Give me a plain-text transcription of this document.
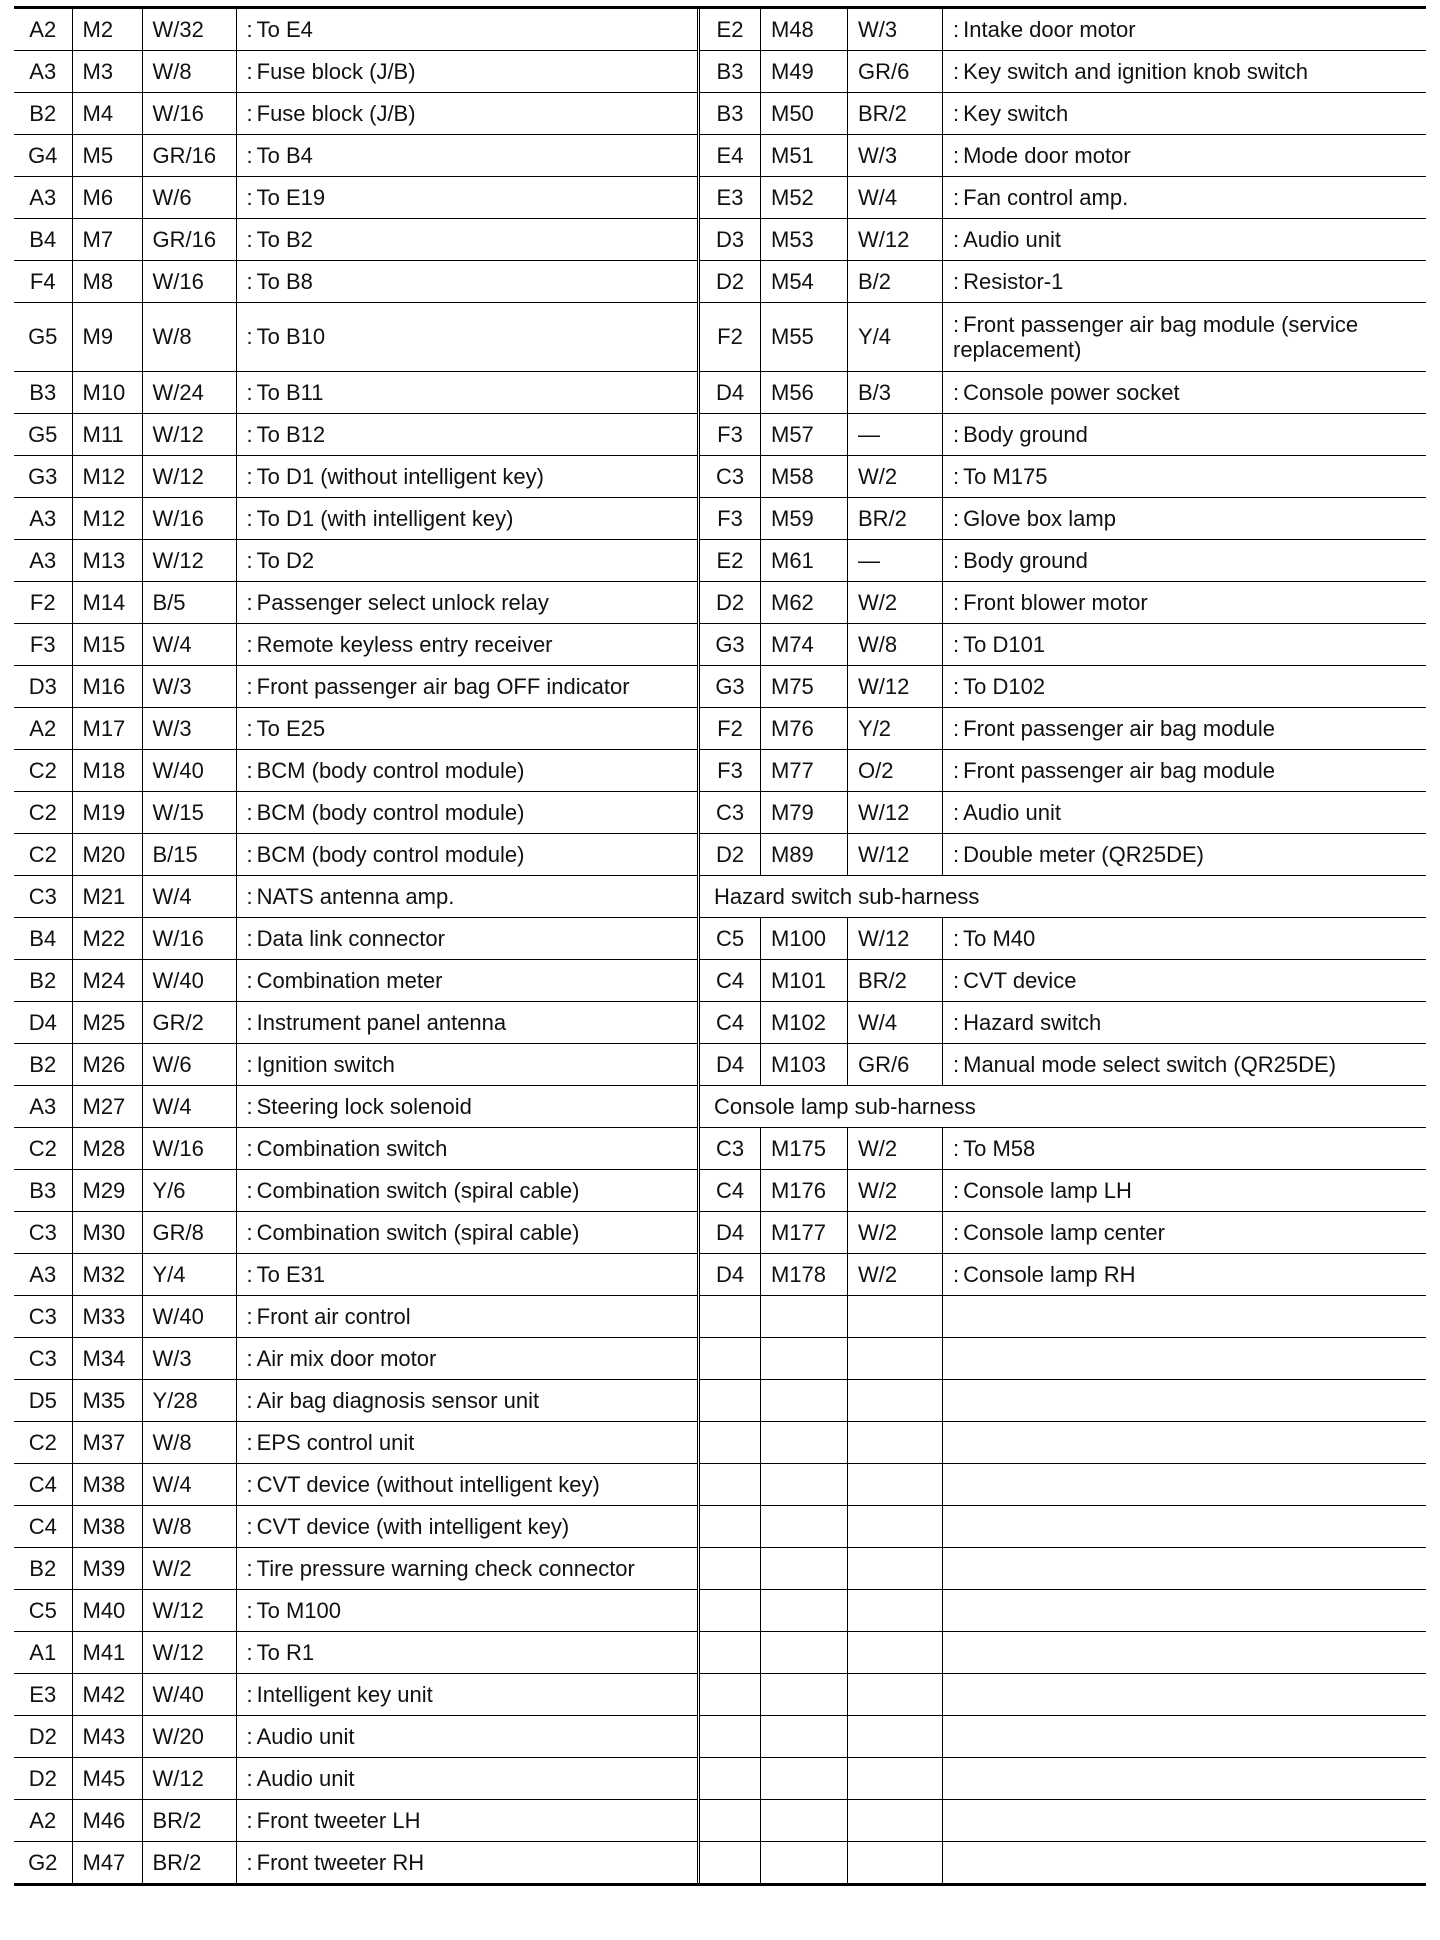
A2	M2	W/32	: To E4
A3	M3	W/8	: Fuse block (J/B)
B2	M4	W/16	: Fuse block (J/B)
G4	M5	GR/16	: To B4
A3	M6	W/6	: To E19
B4	M7	GR/16	: To B2
F4	M8	W/16	: To B8
G5	M9	W/8	: To B10
B3	M10	W/24	: To B11
G5	M11	W/12	: To B12
G3	M12	W/12	: To D1 (without intelligent key)
A3	M12	W/16	: To D1 (with intelligent key)
A3	M13	W/12	: To D2
F2	M14	B/5	: Passenger select unlock relay
F3	M15	W/4	: Remote keyless entry receiver
D3	M16	W/3	: Front passenger air bag OFF indicator
A2	M17	W/3	: To E25
C2	M18	W/40	: BCM (body control module)
C2	M19	W/15	: BCM (body control module)
C2	M20	B/15	: BCM (body control module)
C3	M21	W/4	: NATS antenna amp.
B4	M22	W/16	: Data link connector
B2	M24	W/40	: Combination meter
D4	M25	GR/2	: Instrument panel antenna
B2	M26	W/6	: Ignition switch
A3	M27	W/4	: Steering lock solenoid
C2	M28	W/16	: Combination switch
B3	M29	Y/6	: Combination switch (spiral cable)
C3	M30	GR/8	: Combination switch (spiral cable)
A3	M32	Y/4	: To E31
C3	M33	W/40	: Front air control
C3	M34	W/3	: Air mix door motor
D5	M35	Y/28	: Air bag diagnosis sensor unit
C2	M37	W/8	: EPS control unit
C4	M38	W/4	: CVT device (without intelligent key)
C4	M38	W/8	: CVT device (with intelligent key)
B2	M39	W/2	: Tire pressure warning check connector
C5	M40	W/12	: To M100
A1	M41	W/12	: To R1
E3	M42	W/40	: Intelligent key unit
D2	M43	W/20	: Audio unit
D2	M45	W/12	: Audio unit
A2	M46	BR/2	: Front tweeter LH
G2	M47	BR/2	: Front tweeter RH
E2	M48	W/3	: Intake door motor
B3	M49	GR/6	: Key switch and ignition knob switch
B3	M50	BR/2	: Key switch
E4	M51	W/3	: Mode door motor
E3	M52	W/4	: Fan control amp.
D3	M53	W/12	: Audio unit
D2	M54	B/2	: Resistor-1
F2	M55	Y/4	: Front passenger air bag module (service replacement)
D4	M56	B/3	: Console power socket
F3	M57	—	: Body ground
C3	M58	W/2	: To M175
F3	M59	BR/2	: Glove box lamp
E2	M61	—	: Body ground
D2	M62	W/2	: Front blower motor
G3	M74	W/8	: To D101
G3	M75	W/12	: To D102
F2	M76	Y/2	: Front passenger air bag module
F3	M77	O/2	: Front passenger air bag module
C3	M79	W/12	: Audio unit
D2	M89	W/12	: Double meter (QR25DE)
Hazard switch sub-harness			
C5	M100	W/12	: To M40
C4	M101	BR/2	: CVT device
C4	M102	W/4	: Hazard switch
D4	M103	GR/6	: Manual mode select switch (QR25DE)
Console lamp sub-harness			
C3	M175	W/2	: To M58
C4	M176	W/2	: Console lamp LH
D4	M177	W/2	: Console lamp center
D4	M178	W/2	: Console lamp RH
